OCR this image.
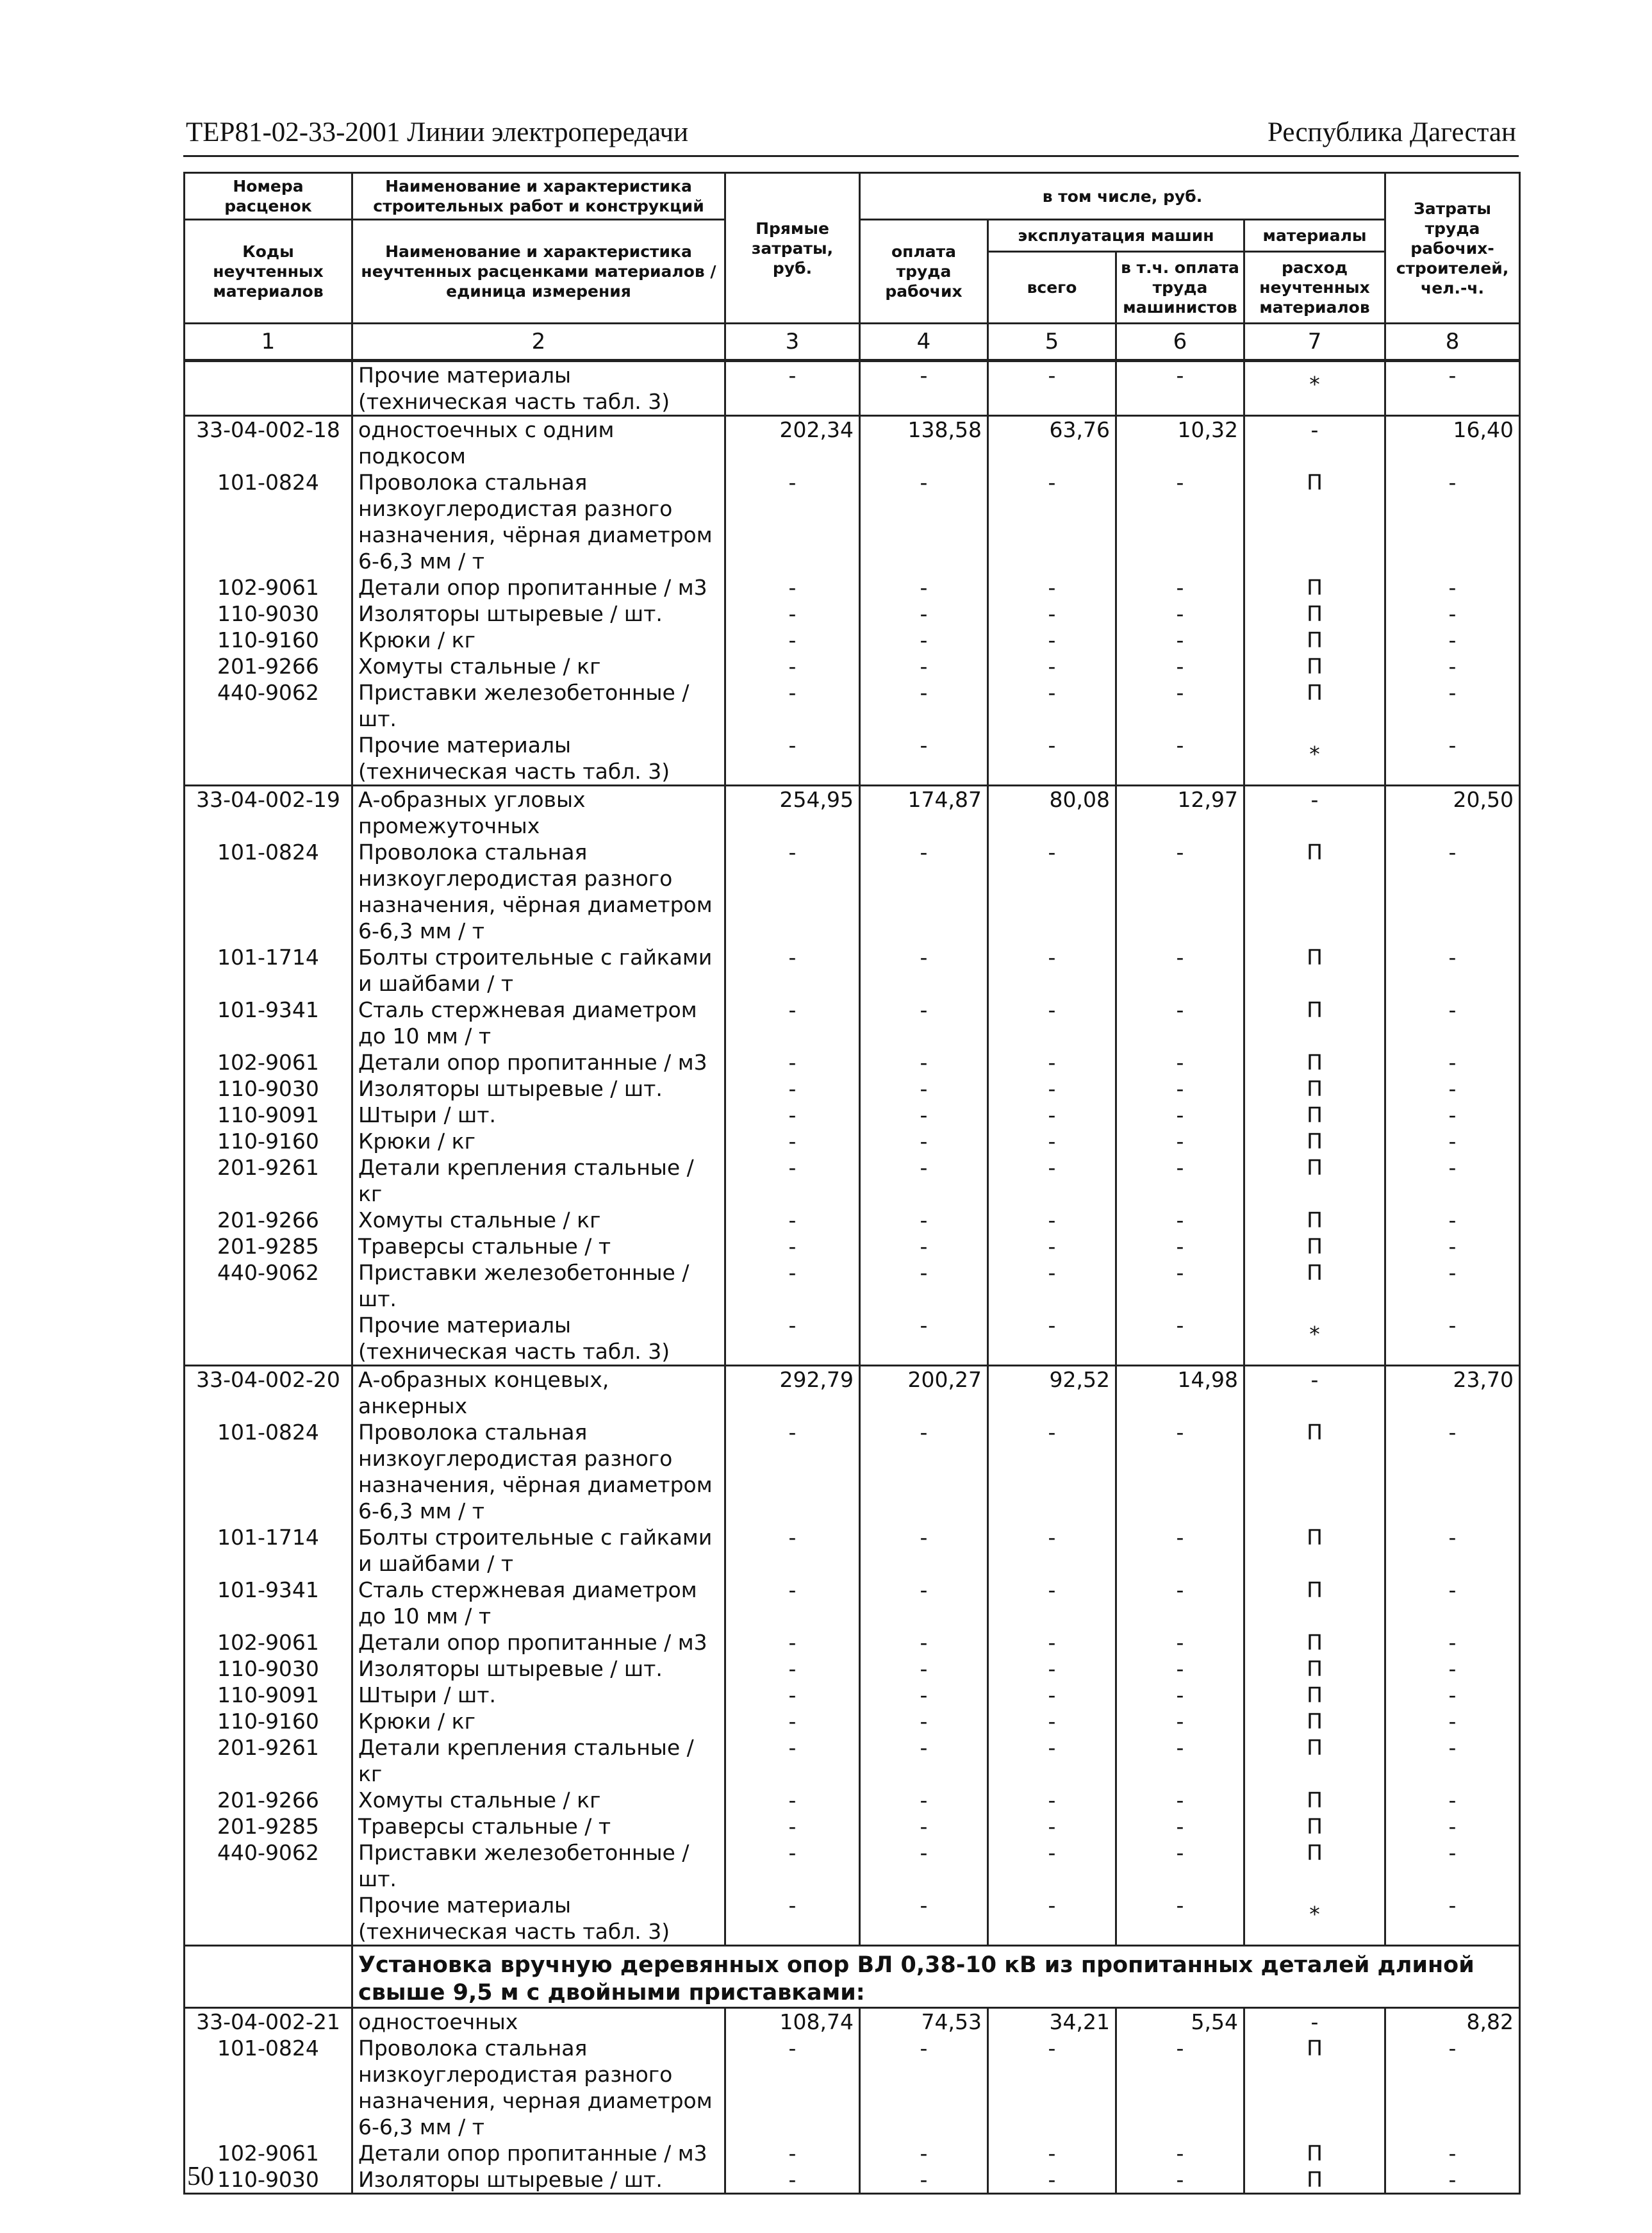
ТЕР81-02-33-2001 Линии электропередачи	Республика Дагестан
Номера расценок	Наименование и характеристика строительных работ и конструкций	Прямые затраты, руб.	в том числе, руб.				Затраты труда рабочих-строителей, чел.-ч.
Коды неучтенных материалов	Наименование и характеристика неучтенных расценками материалов / единица измерения		оплата труда рабочих	эксплуатация машин		материалы	
				всего	в т.ч. оплата труда машинистов	расход неучтенных материалов	
1	2	3	4	5	6	7	8
	Прочие материалы (техническая часть табл. 3)	-	-	-	-	*	-
33-04-002-18	одностоечных с одним подкосом	202,34	138,58	63,76	10,32	-	16,40
101-0824	Проволока стальная низкоуглеродистая разного назначения, чёрная диаметром 6-6,3 мм / т	-	-	-	-	П	-
102-9061	Детали опор пропитанные / м3	-	-	-	-	П	-
110-9030	Изоляторы штыревые / шт.	-	-	-	-	П	-
110-9160	Крюки / кг	-	-	-	-	П	-
201-9266	Хомуты стальные / кг	-	-	-	-	П	-
440-9062	Приставки железобетонные /шт.	-	-	-	-	П	-
	Прочие материалы (техническая часть табл. 3)	-	-	-	-	*	-
33-04-002-19	А-образных угловых промежуточных	254,95	174,87	80,08	12,97	-	20,50
101-0824	Проволока стальная низкоуглеродистая разного назначения, чёрная диаметром 6-6,3 мм / т	-	-	-	-	П	-
101-1714	Болты строительные с гайками и шайбами / т	-	-	-	-	П	-
101-9341	Сталь стержневая диаметром до 10 мм / т	-	-	-	-	П	-
102-9061	Детали опор пропитанные / м3	-	-	-	-	П	-
110-9030	Изоляторы штыревые / шт.	-	-	-	-	П	-
110-9091	Штыри / шт.	-	-	-	-	П	-
110-9160	Крюки / кг	-	-	-	-	П	-
201-9261	Детали крепления стальные / кг	-	-	-	-	П	-
201-9266	Хомуты стальные / кг	-	-	-	-	П	-
201-9285	Траверсы стальные / т	-	-	-	-	П	-
440-9062	Приставки железобетонные /шт.	-	-	-	-	П	-
	Прочие материалы (техническая часть табл. 3)	-	-	-	-	*	-
33-04-002-20	А-образных концевых, анкерных	292,79	200,27	92,52	14,98	-	23,70
101-0824	Проволока стальная низкоуглеродистая разного назначения, чёрная диаметром 6-6,3 мм / т	-	-	-	-	П	-
101-1714	Болты строительные с гайками и шайбами / т	-	-	-	-	П	-
101-9341	Сталь стержневая диаметром до 10 мм / т	-	-	-	-	П	-
102-9061	Детали опор пропитанные / м3	-	-	-	-	П	-
110-9030	Изоляторы штыревые / шт.	-	-	-	-	П	-
110-9091	Штыри / шт.	-	-	-	-	П	-
110-9160	Крюки / кг	-	-	-	-	П	-
201-9261	Детали крепления стальные / кг	-	-	-	-	П	-
201-9266	Хомуты стальные / кг	-	-	-	-	П	-
201-9285	Траверсы стальные / т	-	-	-	-	П	-
440-9062	Приставки железобетонные /шт.	-	-	-	-	П	-
	Прочие материалы (техническая часть табл. 3)	-	-	-	-	*	-
	Установка вручную деревянных опор ВЛ 0,38-10 кВ из пропитанных деталей длиной свыше 9,5 м с двойными приставками:						
33-04-002-21	одностоечных	108,74	74,53	34,21	5,54	-	8,82
101-0824	Проволока стальная низкоуглеродистая разного назначения, черная диаметром 6-6,3 мм / т	-	-	-	-	П	-
102-9061	Детали опор пропитанные / м3	-	-	-	-	П	-
110-9030	Изоляторы штыревые / шт.	-	-	-	-	П	-
50
